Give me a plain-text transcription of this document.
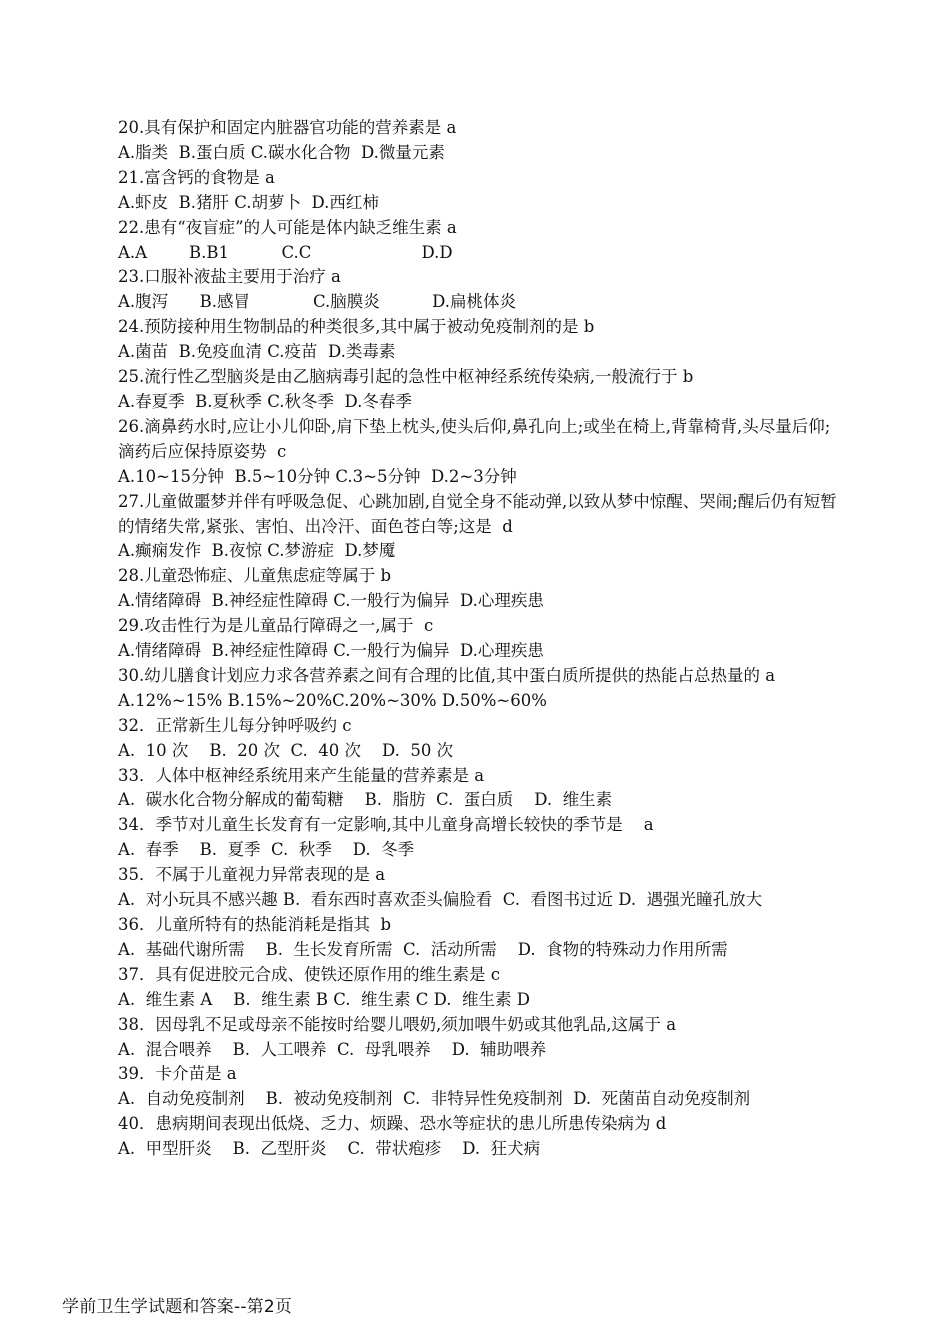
20.具有保护和固定内脏器官功能的营养素是 a
A.脂类  B.蛋白质 C.碳水化合物  D.微量元素
21.富含钙的食物是 a
A.虾皮  B.猪肝 C.胡萝卜  D.西红柿
22.患有“夜盲症”的人可能是体内缺乏维生素 a
A.A        B.B1          C.C                     D.D
23.口服补液盐主要用于治疗 a
A.腹泻      B.感冒            C.脑膜炎          D.扁桃体炎
24.预防接种用生物制品的种类很多,其中属于被动免疫制剂的是 b
A.菌苗  B.免疫血清 C.疫苗  D.类毒素
25.流行性乙型脑炎是由乙脑病毒引起的急性中枢神经系统传染病,一般流行于 b
A.春夏季  B.夏秋季 C.秋冬季  D.冬春季
26.滴鼻药水时,应让小儿仰卧,肩下垫上枕头,使头后仰,鼻孔向上;或坐在椅上,背靠椅背,头尽量后仰;滴药后应保持原姿势  c
A.10~15分钟  B.5~10分钟 C.3~5分钟  D.2~3分钟
27.儿童做噩梦并伴有呼吸急促、心跳加剧,自觉全身不能动弹,以致从梦中惊醒、哭闹;醒后仍有短暂的情绪失常,紧张、害怕、出冷汗、面色苍白等;这是  d
A.癫痫发作  B.夜惊 C.梦游症  D.梦魇
28.儿童恐怖症、儿童焦虑症等属于 b
A.情绪障碍  B.神经症性障碍 C.一般行为偏异  D.心理疾患
29.攻击性行为是儿童品行障碍之一,属于  c
A.情绪障碍  B.神经症性障碍 C.一般行为偏异  D.心理疾患
30.幼儿膳食计划应力求各营养素之间有合理的比值,其中蛋白质所提供的热能占总热量的 a
A.12%~15% B.15%~20%C.20%~30% D.50%~60%
32．正常新生儿每分钟呼吸约 c
A.  10 次    B.  20 次  C.  40 次    D.  50 次
33．人体中枢神经系统用来产生能量的营养素是 a
A.  碳水化合物分解成的葡萄糖    B.  脂肪  C.  蛋白质    D.  维生素
34．季节对儿童生长发育有一定影响,其中儿童身高增长较快的季节是    a
A.  春季    B.  夏季  C.  秋季    D.  冬季
35．不属于儿童视力异常表现的是 a
A.  对小玩具不感兴趣 B.  看东西时喜欢歪头偏脸看  C.  看图书过近 D.  遇强光瞳孔放大
36．儿童所特有的热能消耗是指其  b
A.  基础代谢所需    B.  生长发育所需  C.  活动所需    D.  食物的特殊动力作用所需
37．具有促进胶元合成、使铁还原作用的维生素是 c
A.  维生素 A    B.  维生素 B C.  维生素 C D.  维生素 D
38．因母乳不足或母亲不能按时给婴儿喂奶,须加喂牛奶或其他乳品,这属于 a
A.  混合喂养    B.  人工喂养  C.  母乳喂养    D.  辅助喂养
39．卡介苗是 a
A.  自动免疫制剂    B.  被动免疫制剂  C.  非特异性免疫制剂  D.  死菌苗自动免疫制剂
40．患病期间表现出低烧、乏力、烦躁、恐水等症状的患儿所患传染病为 d
A.  甲型肝炎    B.  乙型肝炎    C.  带状疱疹    D.  狂犬病
学前卫生学试题和答案--第2页
